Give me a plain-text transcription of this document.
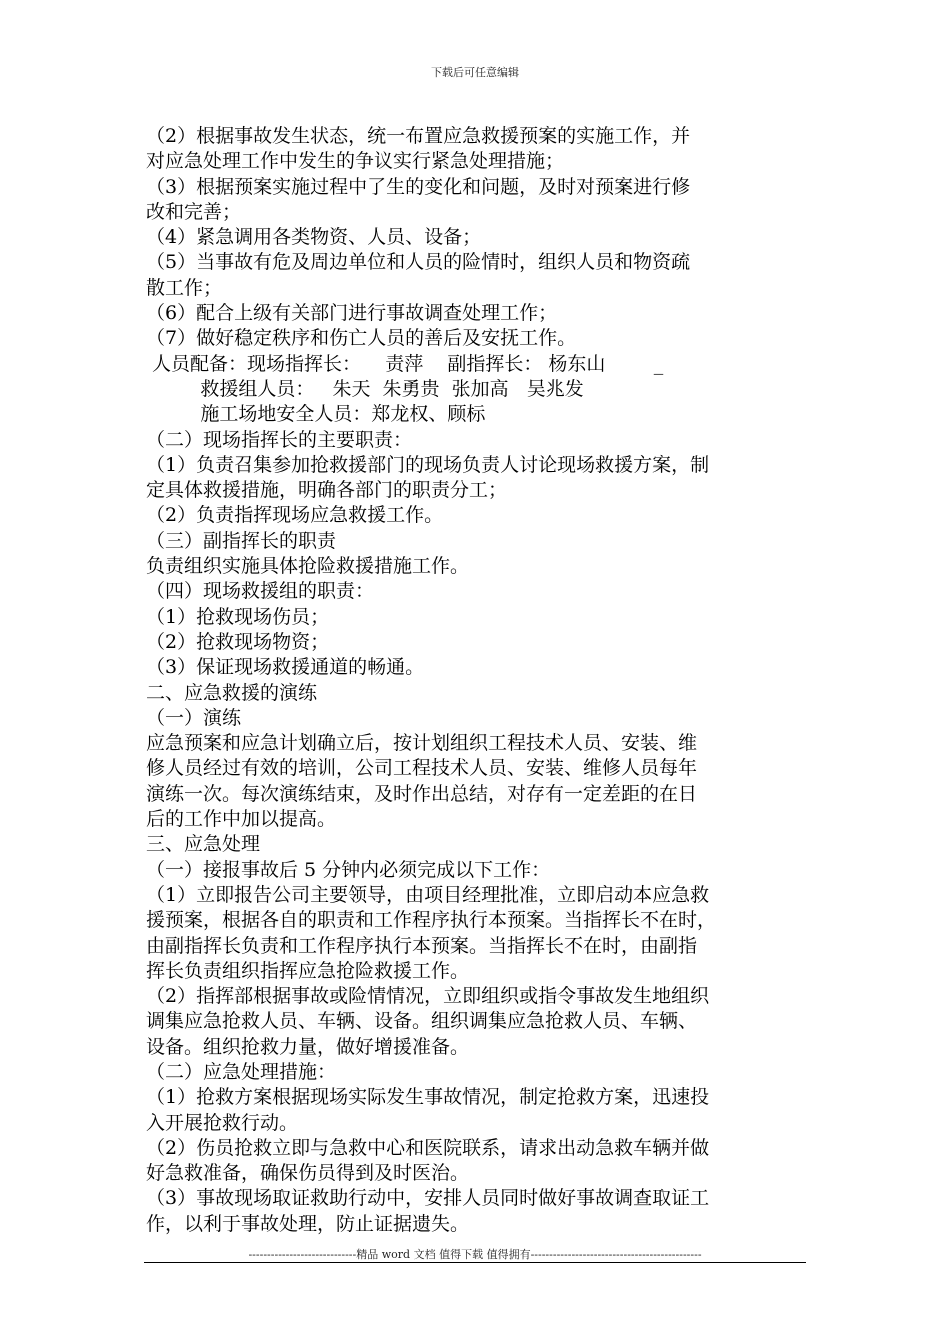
下载后可任意编辑

（2）根据事故发生状态，统一布置应急救援预案的实施工作，并

对应急处理工作中发生的争议实行紧急处理措施；

（3）根据预案实施过程中了生的变化和问题，及时对预案进行修

改和完善；

（4）紧急调用各类物资、人员、设备；

（5）当事故有危及周边单位和人员的险情时，组织人员和物资疏

散工作；

（6）配合上级有关部门进行事故调查处理工作；

（7）做好稳定秩序和伤亡人员的善后及安抚工作。

人员配备：现场指挥长：    责萍    副指挥长： 杨东山        _

救援组人员：   朱天  朱勇贵  张加高   吴兆发

施工场地安全人员：郑龙权、顾标

（二）现场指挥长的主要职责：

（1）负责召集参加抢救援部门的现场负责人讨论现场救援方案，制

定具体救援措施，明确各部门的职责分工；

（2）负责指挥现场应急救援工作。

（三）副指挥长的职责

负责组织实施具体抢险救援措施工作。

（四）现场救援组的职责：

（1）抢救现场伤员；

（2）抢救现场物资；

（3）保证现场救援通道的畅通。

二、应急救援的演练

（一）演练

应急预案和应急计划确立后，按计划组织工程技术人员、安装、维

修人员经过有效的培训，公司工程技术人员、安装、维修人员每年

演练一次。每次演练结束，及时作出总结，对存有一定差距的在日

后的工作中加以提高。

三、应急处理

（一）接报事故后 5 分钟内必须完成以下工作：

（1）立即报告公司主要领导，由项目经理批准，立即启动本应急救

援预案，根据各自的职责和工作程序执行本预案。当指挥长不在时，

由副指挥长负责和工作程序执行本预案。当指挥长不在时，由副指

挥长负责组织指挥应急抢险救援工作。

（2）指挥部根据事故或险情情况，立即组织或指令事故发生地组织

调集应急抢救人员、车辆、设备。组织调集应急抢救人员、车辆、

设备。组织抢救力量，做好增援准备。

（二）应急处理措施：

（1）抢救方案根据现场实际发生事故情况，制定抢救方案，迅速投

入开展抢救行动。

（2）伤员抢救立即与急救中心和医院联系，请求出动急救车辆并做

好急救准备，确保伤员得到及时医治。

（3）事故现场取证救助行动中，安排人员同时做好事故调查取证工

作，以利于事故处理，防止证据遗失。

-----------------------------精品 word 文档 值得下载 值得拥有----------------------------------------------
